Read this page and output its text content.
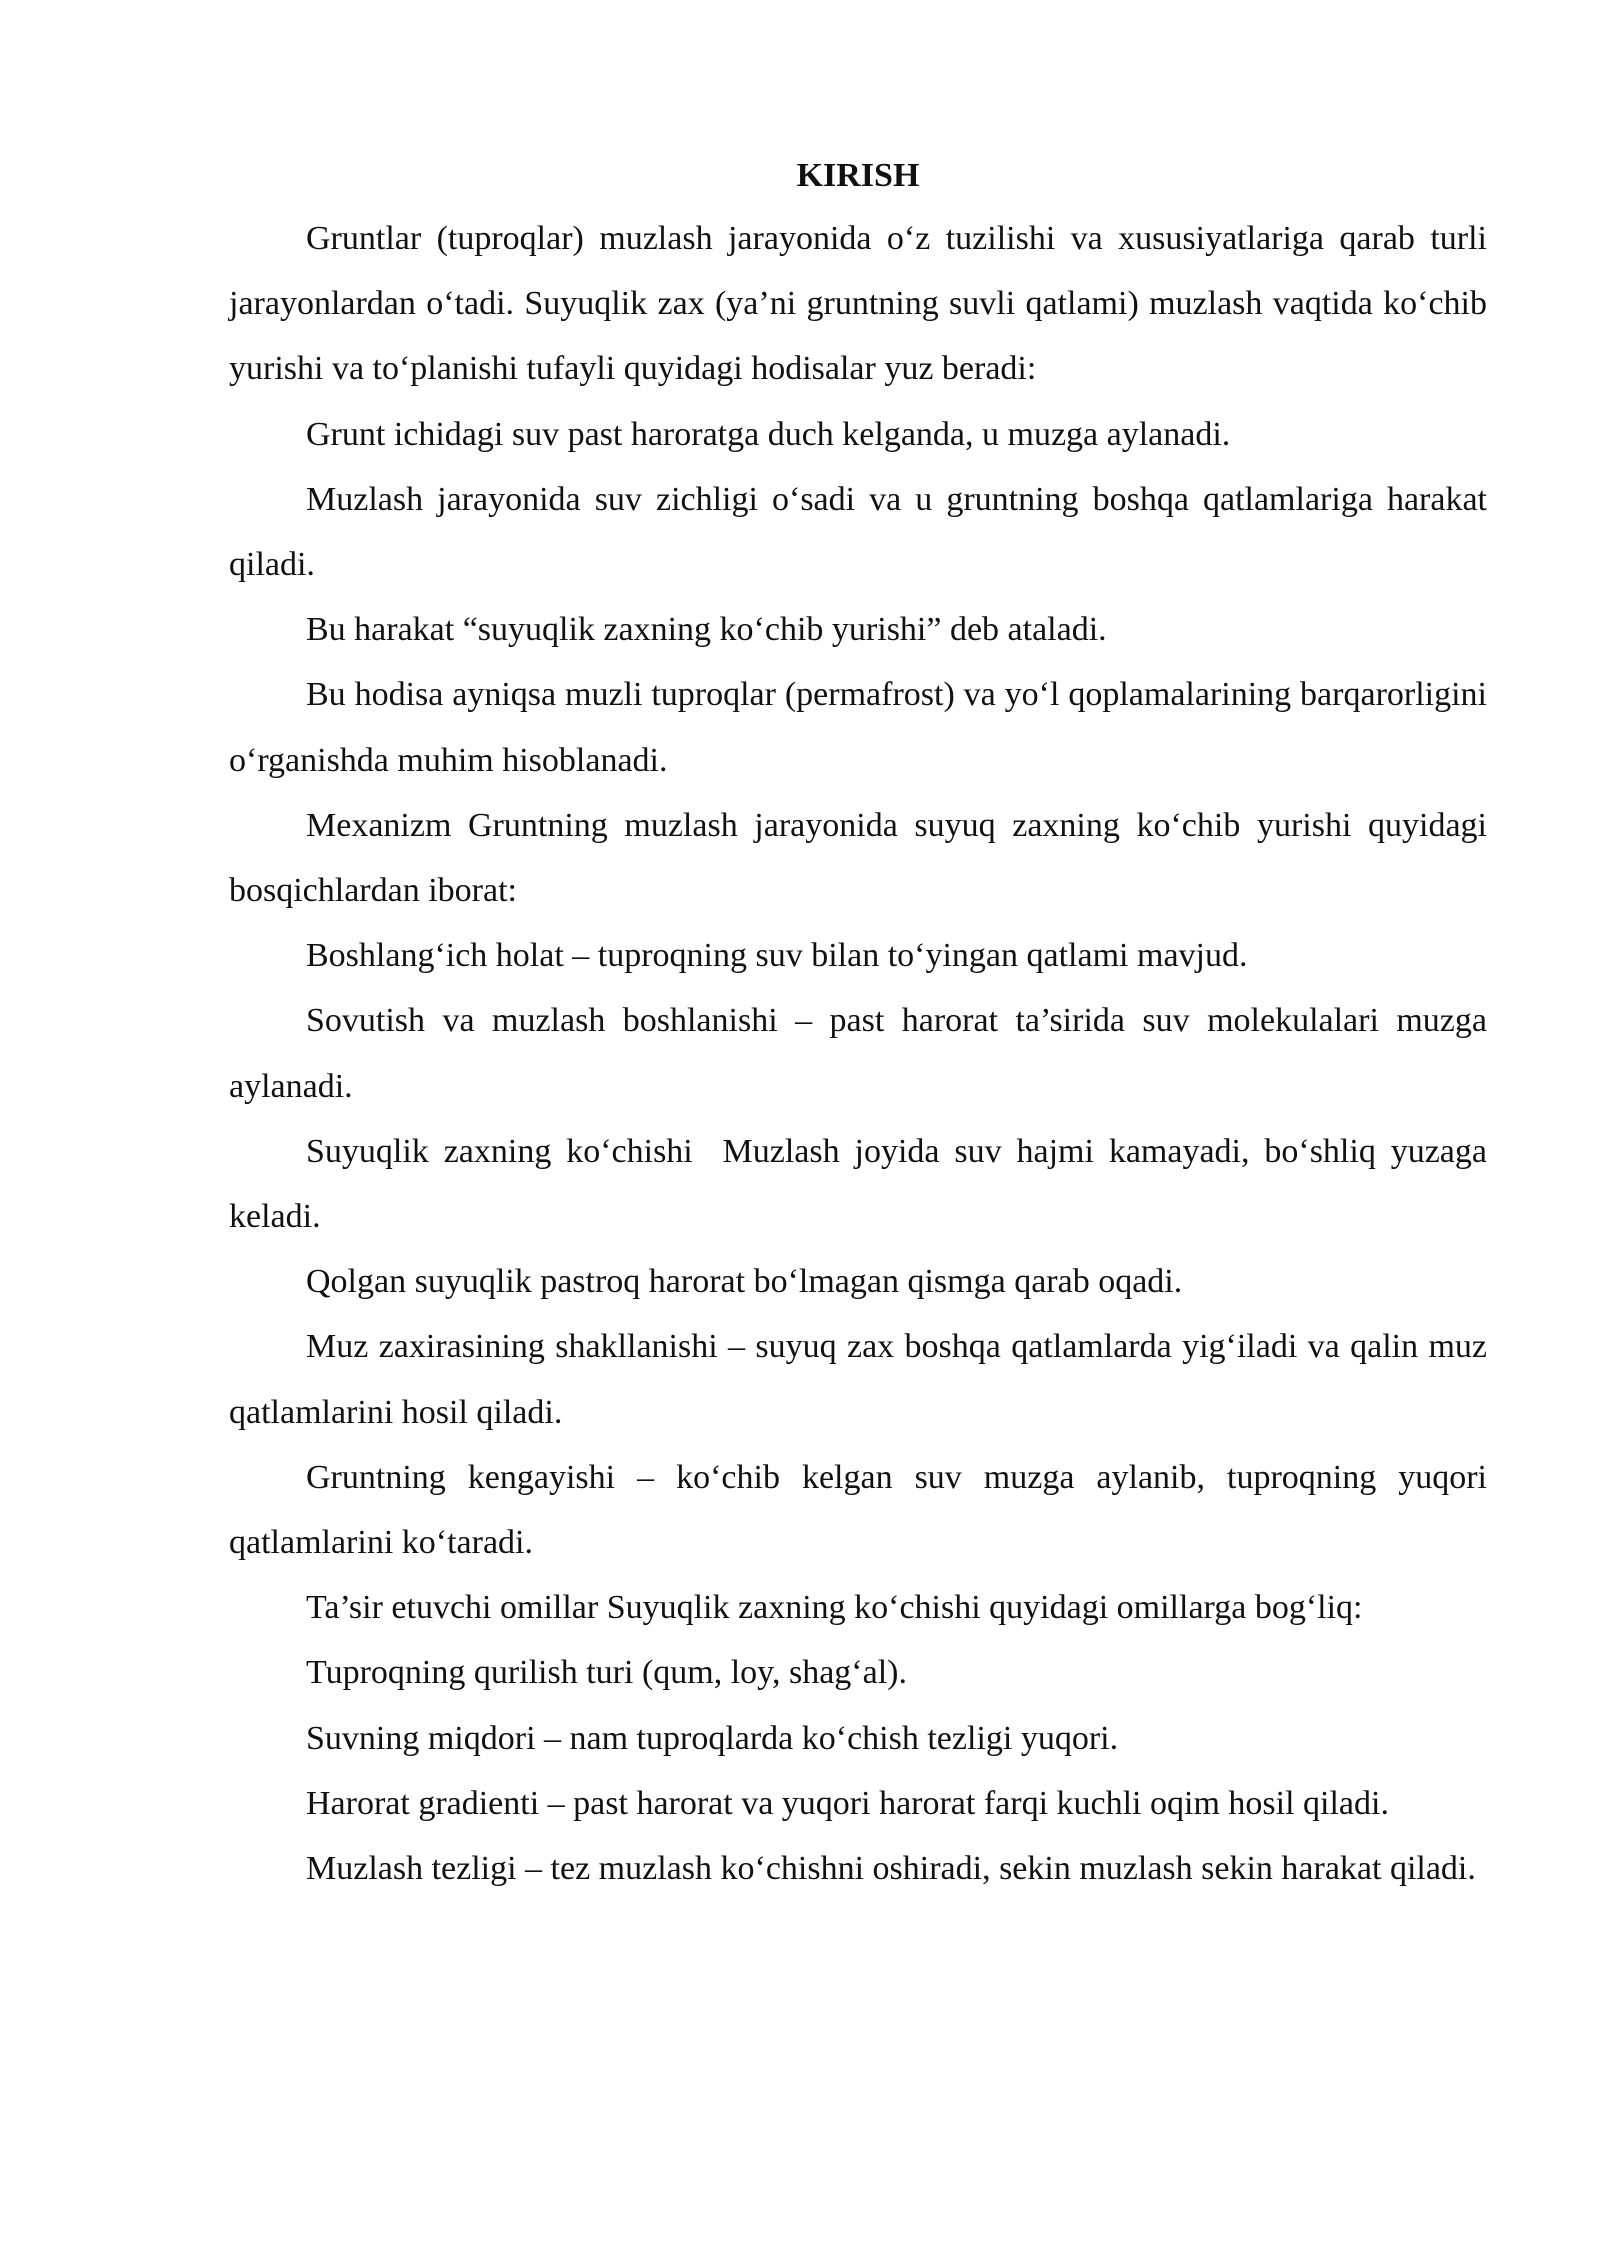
KIRISH

Gruntlar (tuproqlar) muzlash jarayonida o‘z tuzilishi va xususiyatlariga qarab turli jarayonlardan o‘tadi. Suyuqlik zax (ya’ni gruntning suvli qatlami) muzlash vaqtida ko‘chib yurishi va to‘planishi tufayli quyidagi hodisalar yuz beradi:

Grunt ichidagi suv past haroratga duch kelganda, u muzga aylanadi.

Muzlash jarayonida suv zichligi o‘sadi va u gruntning boshqa qatlamlariga harakat qiladi.

Bu harakat “suyuqlik zaxning ko‘chib yurishi” deb ataladi.

Bu hodisa ayniqsa muzli tuproqlar (permafrost) va yo‘l qoplamalarining barqarorligini o‘rganishda muhim hisoblanadi.

Mexanizm Gruntning muzlash jarayonida suyuq zaxning ko‘chib yurishi quyidagi bosqichlardan iborat:

Boshlang‘ich holat – tuproqning suv bilan to‘yingan qatlami mavjud.

Sovutish va muzlash boshlanishi – past harorat ta’sirida suv molekulalari muzga aylanadi.

Suyuqlik zaxning ko‘chishi  Muzlash joyida suv hajmi kamayadi, bo‘shliq yuzaga keladi.

Qolgan suyuqlik pastroq harorat bo‘lmagan qismga qarab oqadi.

Muz zaxirasining shakllanishi – suyuq zax boshqa qatlamlarda yig‘iladi va qalin muz qatlamlarini hosil qiladi.

Gruntning kengayishi – ko‘chib kelgan suv muzga aylanib, tuproqning yuqori qatlamlarini ko‘taradi.

Ta’sir etuvchi omillar Suyuqlik zaxning ko‘chishi quyidagi omillarga bog‘liq:

Tuproqning qurilish turi (qum, loy, shag‘al).

Suvning miqdori – nam tuproqlarda ko‘chish tezligi yuqori.

Harorat gradienti – past harorat va yuqori harorat farqi kuchli oqim hosil qiladi.

Muzlash tezligi – tez muzlash ko‘chishni oshiradi, sekin muzlash sekin harakat qiladi.
